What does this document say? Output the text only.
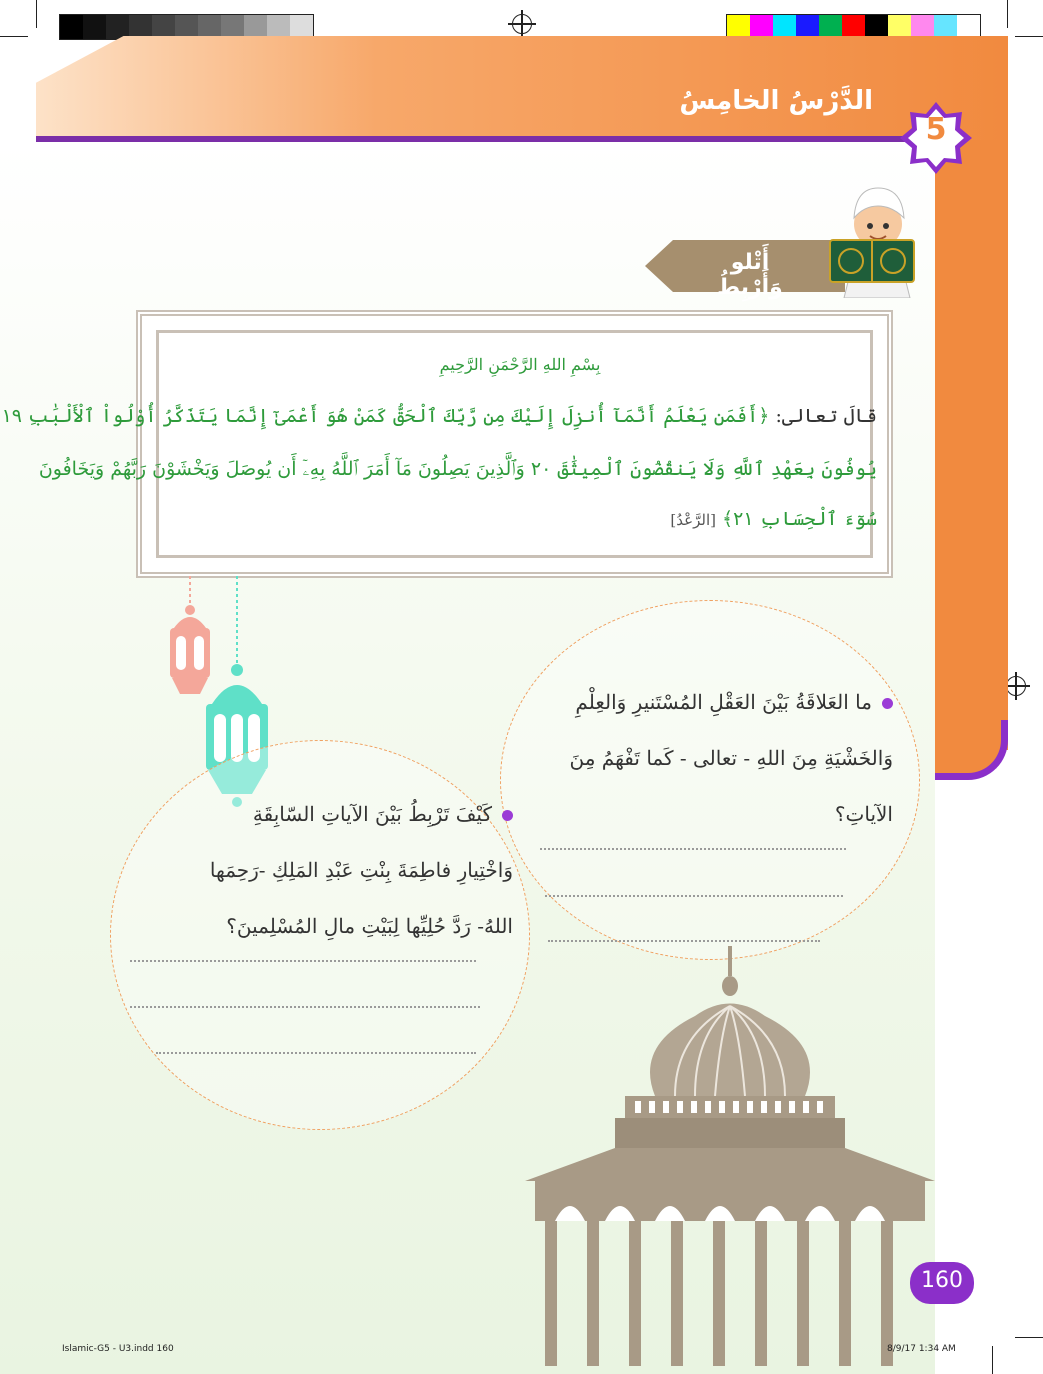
الدَّرْسُ الخامِسُ
5
أَتْلو وَأَرْبِطُ
بِسْمِ اللهِ الرَّحْمَنِ الرَّحِيمِ
قالَ تعالى: ﴿أَفَمَن يَعْلَمُ أَنَّمَآ أُنزِلَ إِلَيْكَ مِن رَّبِّكَ ٱلْحَقُّ كَمَنْ هُوَ أَعْمَىٰٓ إِنَّمَا يَتَذَكَّرُ أُوْلُواْ ٱلْأَلْبَٰبِ ١٩
يُوفُونَ بِعَهْدِ ٱللَّهِ وَلَا يَنقُضُونَ ٱلْمِيثَٰقَ ٢٠ وَٱلَّذِينَ يَصِلُونَ مَآ أَمَرَ ٱللَّهُ بِهِۦٓ أَن يُوصَلَ وَيَخْشَوْنَ رَبَّهُمْ وَيَخَافُونَ
سُوٓءَ ٱلْحِسَابِ ٢١﴾ [الرَّعْدُ]
ما العَلاقَةُ بَيْنَ العَقْلِ المُسْتَنيرِ وَالعِلْمِ
وَالخَشْيَةِ مِنَ اللهِ - تعالى - كَما تَفْهَمُ مِنَ
الآياتِ؟
كَيْفَ تَرْبِطُ بَيْنَ الآياتِ السّابِقَةِ
وَاخْتِيارِ فاطِمَةَ بِنْتِ عَبْدِ المَلِكِ -رَحِمَها
اللهُ- رَدَّ حُلِيِّها لِبَيْتِ مالِ المُسْلِمينَ؟
160
Islamic-G5 - U3.indd 160	8/9/17 1:34 AM
